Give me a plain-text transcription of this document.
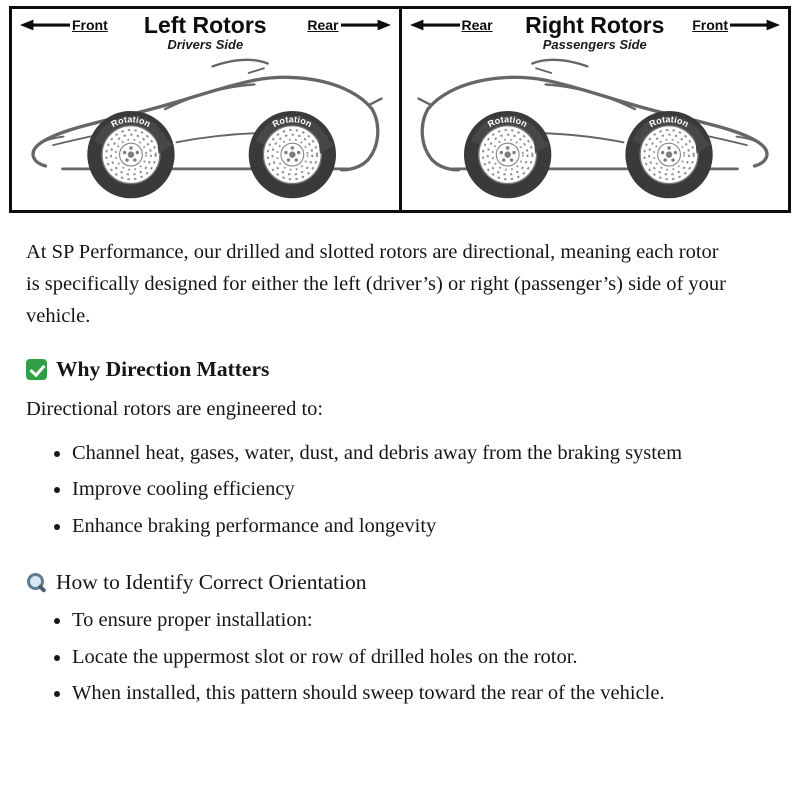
Front	Rear
Left Rotors
Drivers Side
Rear	Front
Right Rotors
Passengers Side

At SP Performance, our drilled and slotted rotors are directional, meaning each rotor is specifically designed for either the left (driver’s) or right (passenger’s) side of your vehicle.

Why Direction Matters

Directional rotors are engineered to:

• Channel heat, gases, water, dust, and debris away from the braking system
• Improve cooling efficiency
• Enhance braking performance and longevity
How to Identify Correct Orientation
• To ensure proper installation:
• Locate the uppermost slot or row of drilled holes on the rotor.
• When installed, this pattern should sweep toward the rear of the vehicle.
